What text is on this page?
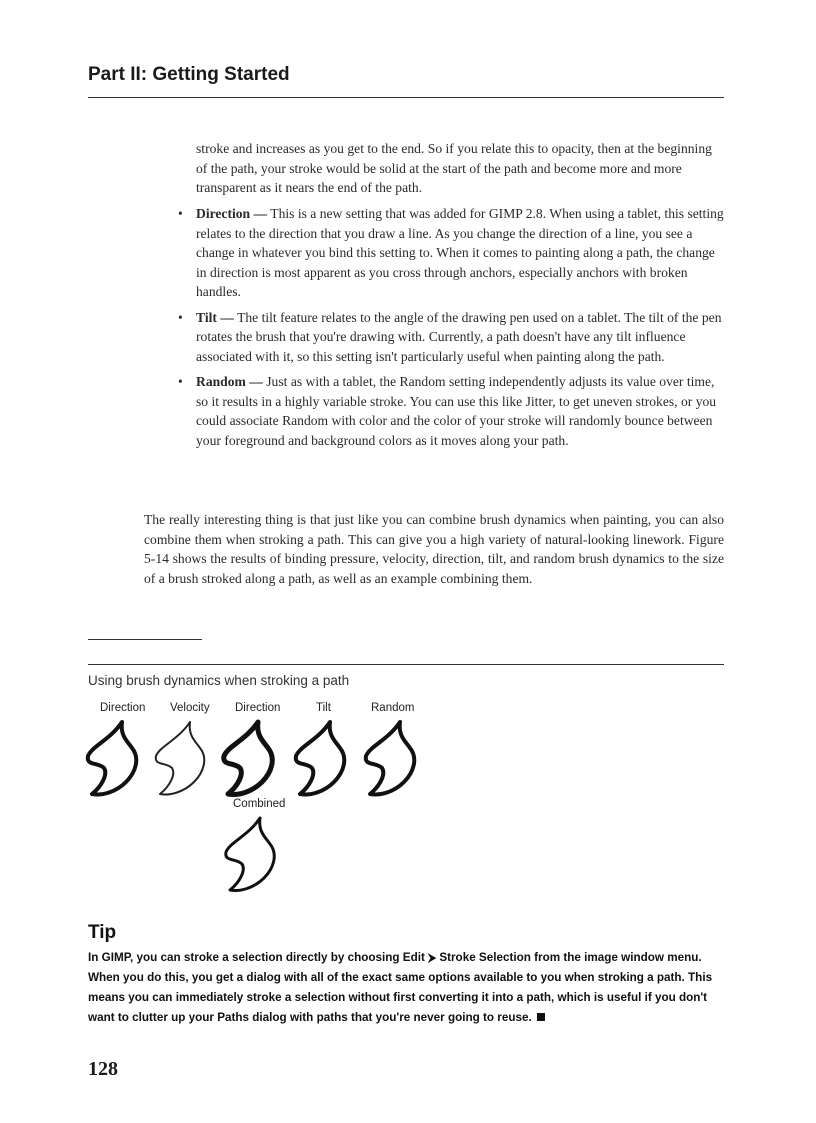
Part II: Getting Started
stroke and increases as you get to the end. So if you relate this to opacity, then at the beginning of the path, your stroke would be solid at the start of the path and become more and more transparent as it nears the end of the path.
• Direction — This is a new setting that was added for GIMP 2.8. When using a tablet, this setting relates to the direction that you draw a line. As you change the direction of a line, you see a change in whatever you bind this setting to. When it comes to painting along a path, the change in direction is most apparent as you cross through anchors, especially anchors with broken handles.
• Tilt — The tilt feature relates to the angle of the drawing pen used on a tablet. The tilt of the pen rotates the brush that you're drawing with. Currently, a path doesn't have any tilt influence associated with it, so this setting isn't particularly useful when painting along the path.
• Random — Just as with a tablet, the Random setting independently adjusts its value over time, so it results in a highly variable stroke. You can use this like Jitter, to get uneven strokes, or you could associate Random with color and the color of your stroke will randomly bounce between your foreground and background colors as it moves along your path.
The really interesting thing is that just like you can combine brush dynamics when painting, you can also combine them when stroking a path. This can give you a high variety of natural-looking linework. Figure 5-14 shows the results of binding pressure, velocity, direction, tilt, and random brush dynamics to the size of a brush stroked along a path, as well as an example combining them.
Using brush dynamics when stroking a path
Direction Velocity Direction	Tilt	Random
Combined
Tip
In GIMP, you can stroke a selection directly by choosing Edit ⮞ Stroke Selection from the image window menu. When you do this, you get a dialog with all of the exact same options available to you when stroking a path. This means you can immediately stroke a selection without first converting it into a path, which is useful if you don't want to clutter up your Paths dialog with paths that you're never going to reuse.
128
